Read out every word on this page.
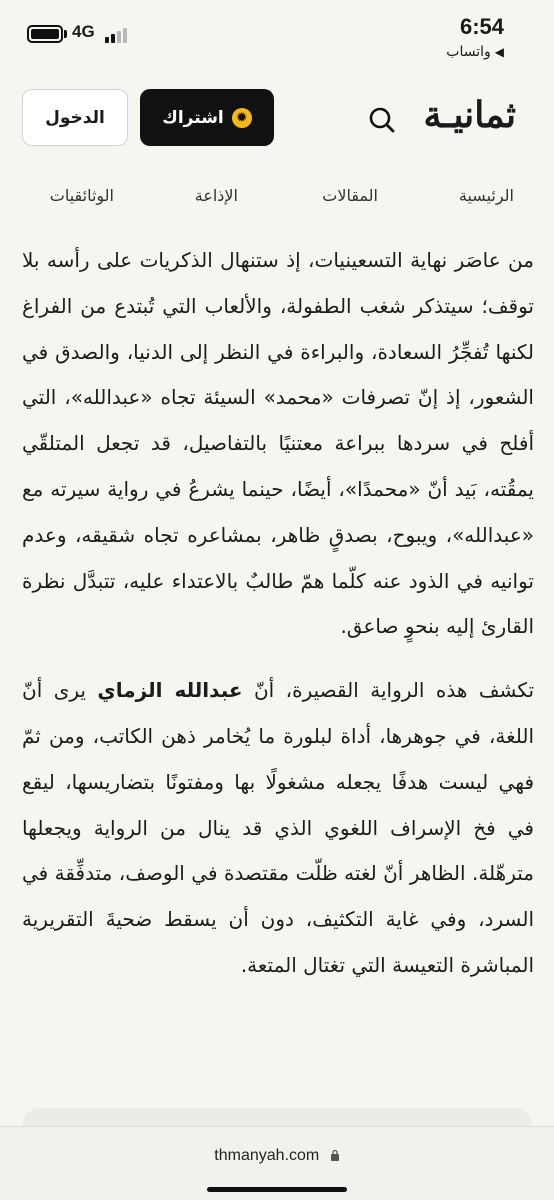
4G	6:54
◀
واتساب
ثمانيـة
✹
اشتراك
الدخول
الرئيسية
المقالات
الإذاعة
الوثائقيات

من عاصَر نهاية التسعينيات، إذ ستنهال الذكريات على رأسه بلا توقف؛ سيتذكر شغب الطفولة، والألعاب التي تُبتدع من الفراغ لكنها تُفجِّرُ السعادة، والبراءة في النظر إلى الدنيا، والصدق في الشعور، إذ إنّ تصرفات «محمد» السيئة تجاه «عبدالله»، التي أفلح في سردها ببراعة معتنيًا بالتفاصيل، قد تجعل المتلقّي يمقُته، بَيد أنّ «محمدًا»، أيضًا، حينما يشرعُ في رواية سيرته مع «عبدالله»، ويبوح، بصدقٍ ظاهر، بمشاعره تجاه شقيقه، وعدم توانيه في الذود عنه كلّما همّ طالبٌ بالاعتداء عليه، تتبدَّل نظرة القارئ إليه بنحوٍ صاعق.

تكشف هذه الرواية القصيرة، أنّ عبدالله الزماي يرى أنّ اللغة، في جوهرها، أداة لبلورة ما يُخامر ذهن الكاتب، ومن ثمّ فهي ليست هدفًا يجعله مشغولًا بها ومفتونًا بتضاريسها، ليقع في فخ الإسراف اللغوي الذي قد ينال من الرواية ويجعلها مترهّلة. الظاهر أنّ لغته ظلّت مقتصدة في الوصف، متدفِّقة في السرد، وفي غاية التكثيف، دون أن يسقط ضحيةَ التقريرية المباشرة التعيسة التي تغتال المتعة.

thmanyah.com
